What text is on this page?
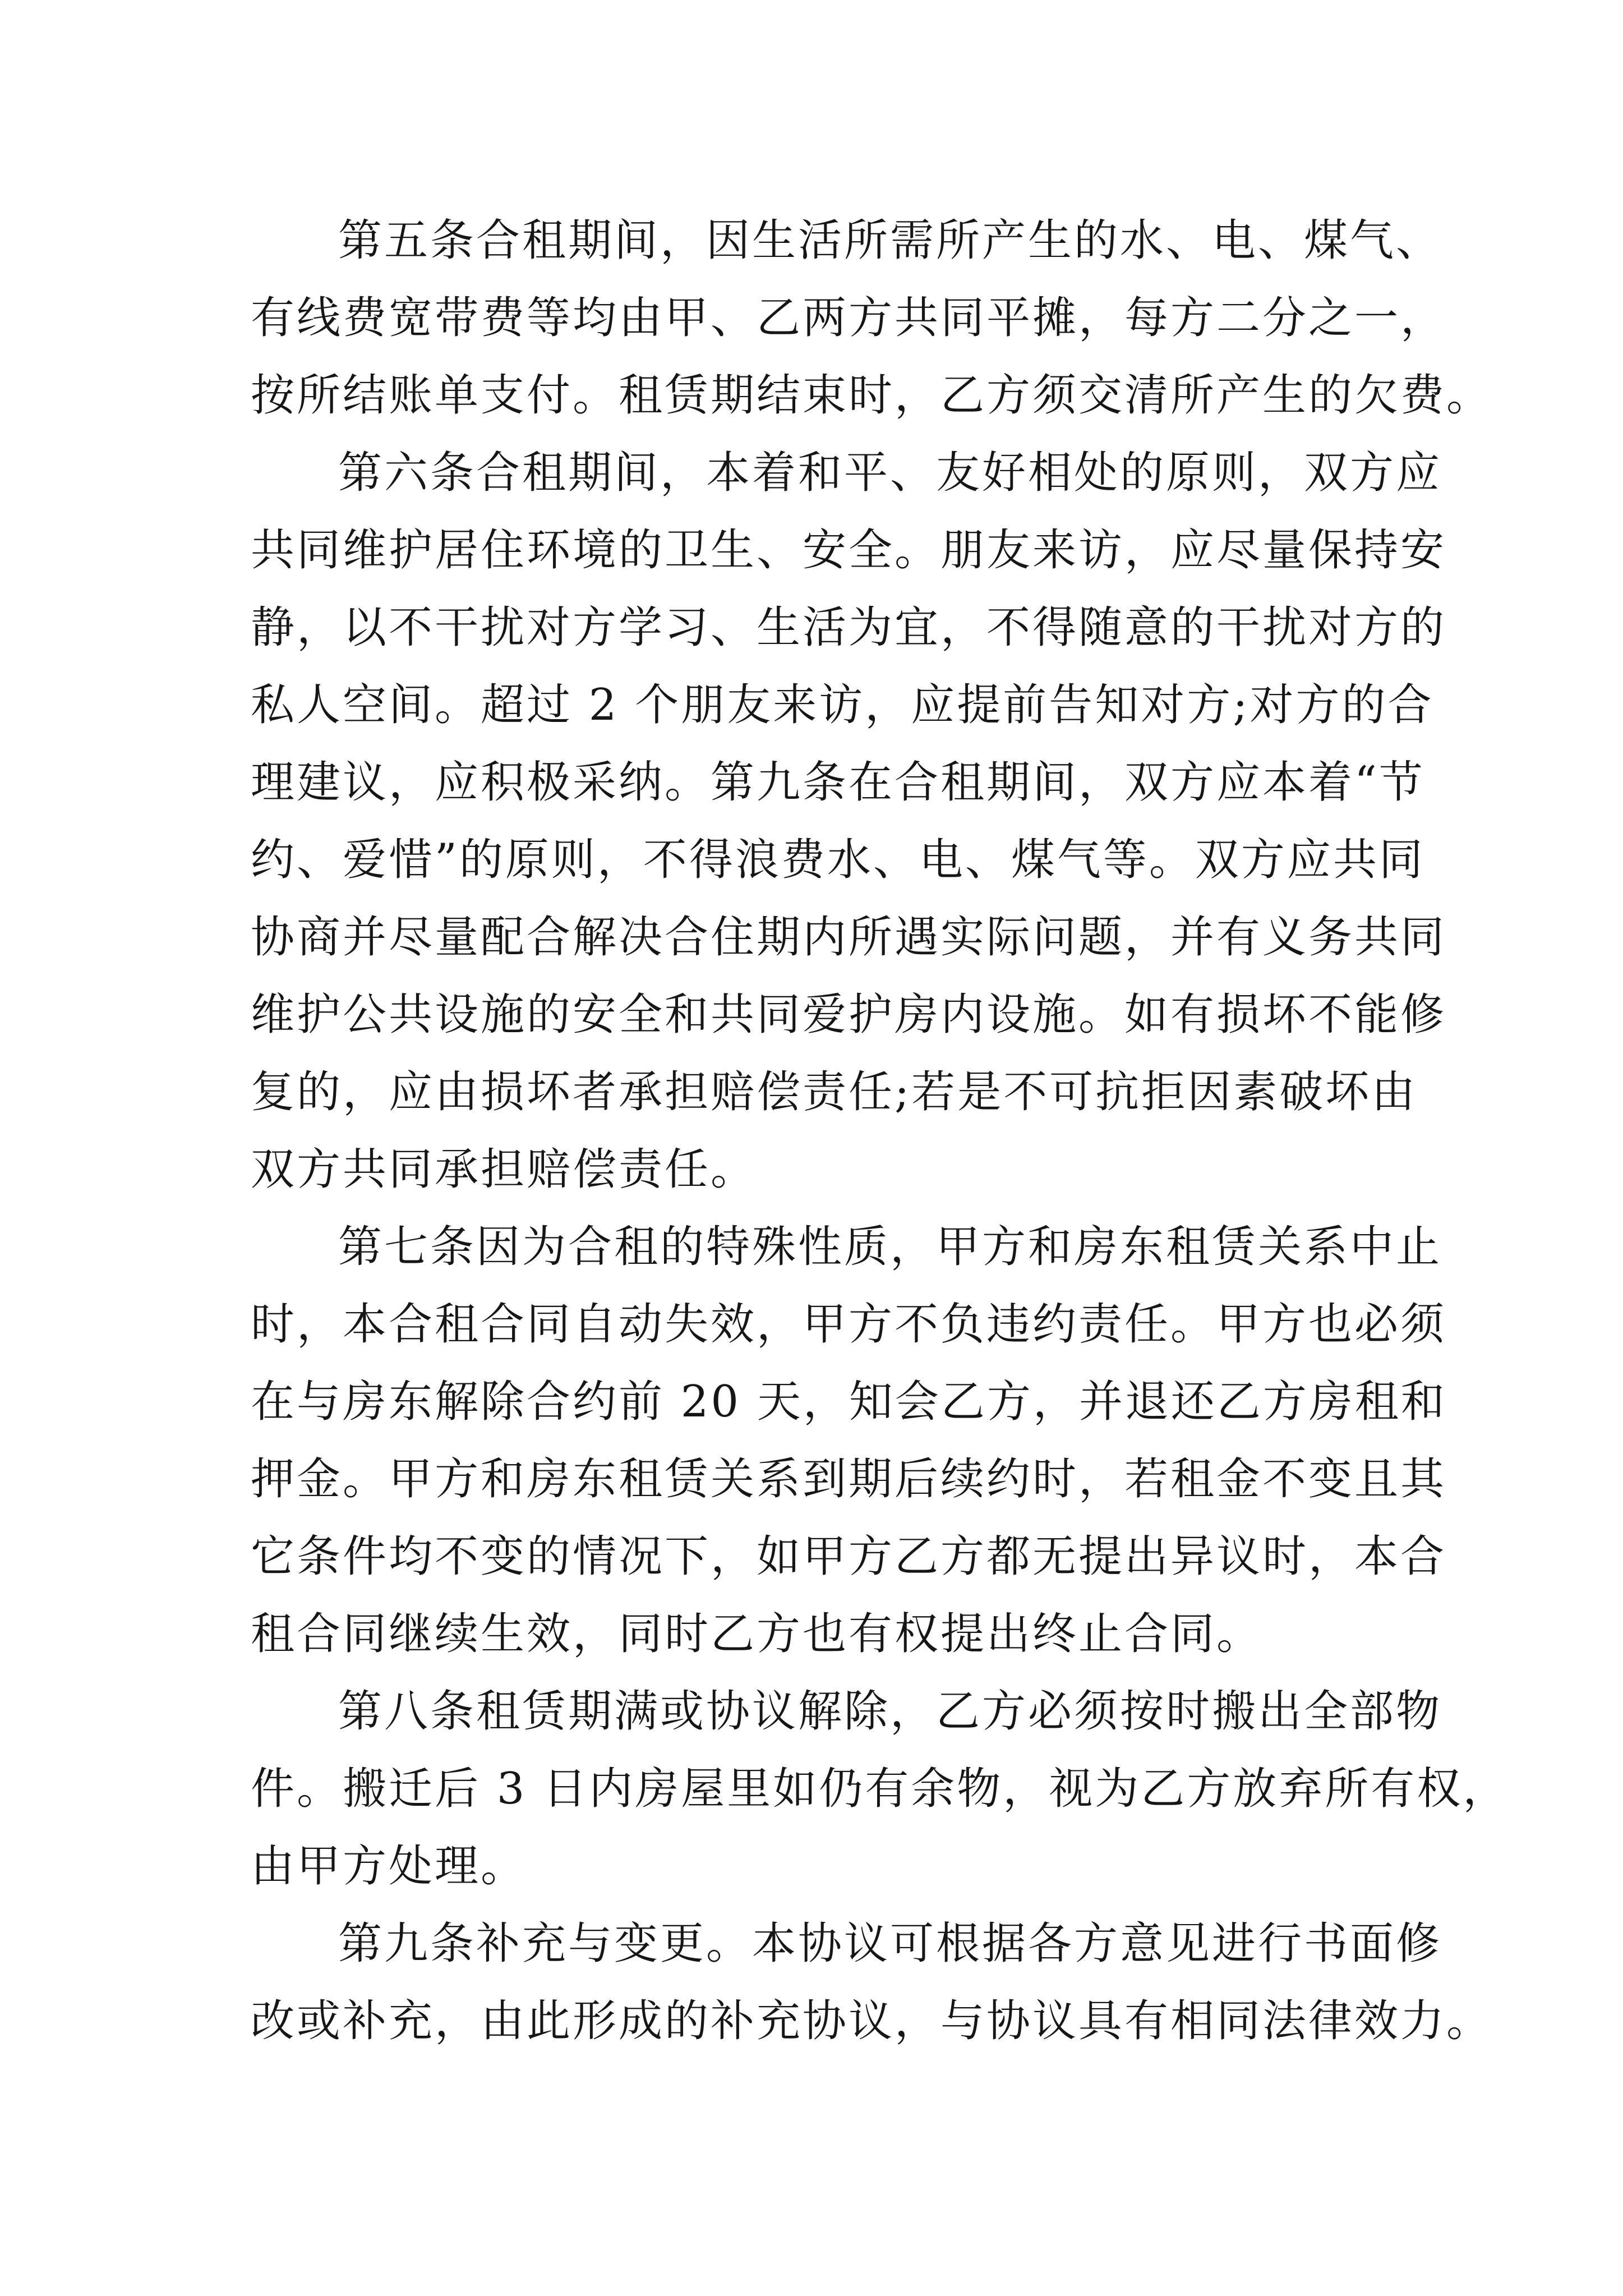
第五条合租期间，因生活所需所产生的水、电、煤气、
有线费宽带费等均由甲、乙两方共同平摊，每方二分之一，
按所结账单支付。租赁期结束时，乙方须交清所产生的欠费。
第六条合租期间，本着和平、友好相处的原则，双方应
共同维护居住环境的卫生、安全。朋友来访，应尽量保持安
静，以不干扰对方学习、生活为宜，不得随意的干扰对方的
私人空间。超过 2 个朋友来访，应提前告知对方;对方的合
理建议，应积极采纳。第九条在合租期间，双方应本着“节
约、爱惜”的原则，不得浪费水、电、煤气等。双方应共同
协商并尽量配合解决合住期内所遇实际问题，并有义务共同
维护公共设施的安全和共同爱护房内设施。如有损坏不能修
复的，应由损坏者承担赔偿责任;若是不可抗拒因素破坏由
双方共同承担赔偿责任。
第七条因为合租的特殊性质，甲方和房东租赁关系中止
时，本合租合同自动失效，甲方不负违约责任。甲方也必须
在与房东解除合约前 20 天，知会乙方，并退还乙方房租和
押金。甲方和房东租赁关系到期后续约时，若租金不变且其
它条件均不变的情况下，如甲方乙方都无提出异议时，本合
租合同继续生效，同时乙方也有权提出终止合同。
第八条租赁期满或协议解除，乙方必须按时搬出全部物
件。搬迁后 3 日内房屋里如仍有余物，视为乙方放弃所有权，
由甲方处理。
第九条补充与变更。本协议可根据各方意见进行书面修
改或补充，由此形成的补充协议，与协议具有相同法律效力。
